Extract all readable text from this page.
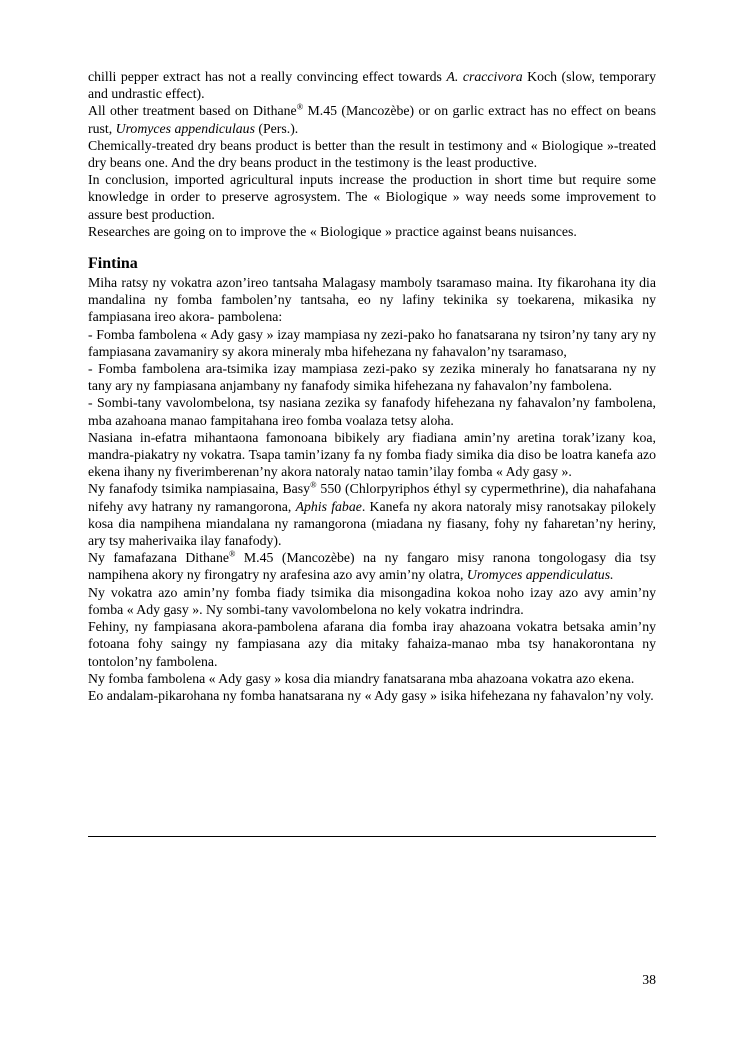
chilli pepper extract has not a really convincing effect towards A. craccivora Koch (slow, temporary and undrastic effect).

All other treatment based on Dithane® M.45 (Mancozèbe) or on garlic extract has no effect on beans rust, Uromyces appendiculaus (Pers.).

Chemically-treated dry beans product is better than the result in testimony and « Biologique »-treated dry beans one. And the dry beans product in the testimony is the least productive.

In conclusion, imported agricultural inputs increase the production in short time but require some knowledge in order to preserve agrosystem. The « Biologique » way needs some improvement to assure best production.

Researches are going on to improve the « Biologique » practice against beans nuisances.

Fintina

Miha ratsy ny vokatra azon’ireo tantsaha Malagasy mamboly tsaramaso maina. Ity fikarohana ity dia mandalina ny fomba fambolen’ny tantsaha, eo ny lafiny tekinika sy toekarena, mikasika ny fampiasana ireo akora- pambolena:

- Fomba fambolena « Ady gasy » izay mampiasa ny zezi-pako ho fanatsarana ny tsiron’ny tany ary ny fampiasana zavamaniry sy akora mineraly mba hifehezana ny fahavalon’ny tsaramaso,

- Fomba fambolena ara-tsimika izay mampiasa zezi-pako sy zezika mineraly ho fanatsarana ny ny tany ary ny fampiasana anjambany ny fanafody simika hifehezana ny fahavalon’ny fambolena.

- Sombi-tany vavolombelona, tsy nasiana zezika sy fanafody hifehezana ny fahavalon’ny fambolena, mba azahoana manao fampitahana ireo fomba voalaza tetsy aloha.

Nasiana in-efatra mihantaona famonoana bibikely ary fiadiana amin’ny aretina torak’izany koa, mandra-piakatry ny vokatra. Tsapa tamin’izany fa ny fomba fiady simika dia diso be loatra kanefa azo ekena ihany ny fiverimberenan’ny akora natoraly natao tamin’ilay fomba « Ady gasy ».

Ny fanafody tsimika nampiasaina, Basy® 550 (Chlorpyriphos éthyl sy cypermethrine), dia nahafahana nifehy avy hatrany ny ramangorona, Aphis fabae. Kanefa ny akora natoraly misy ranotsakay pilokely kosa dia nampihena miandalana ny ramangorona (miadana ny fiasany, fohy ny faharetan’ny heriny, ary tsy maherivaika ilay fanafody).

Ny famafazana Dithane® M.45 (Mancozèbe) na ny fangaro misy ranona tongologasy dia tsy nampihena akory ny firongatry ny arafesina azo avy amin’ny olatra, Uromyces appendiculatus.

Ny vokatra azo amin’ny fomba fiady tsimika dia misongadina kokoa noho izay azo avy amin’ny fomba « Ady gasy ». Ny sombi-tany vavolombelona no kely vokatra indrindra.

Fehiny, ny fampiasana akora-pambolena afarana dia fomba iray ahazoana vokatra betsaka amin’ny fotoana fohy saingy ny fampiasana azy dia mitaky fahaiza-manao mba tsy hanakorontana ny tontolon’ny fambolena.

Ny fomba fambolena « Ady gasy » kosa dia miandry fanatsarana mba ahazoana vokatra azo ekena.

Eo andalam-pikarohana ny fomba hanatsarana ny « Ady gasy » isika hifehezana ny fahavalon’ny voly.

38
